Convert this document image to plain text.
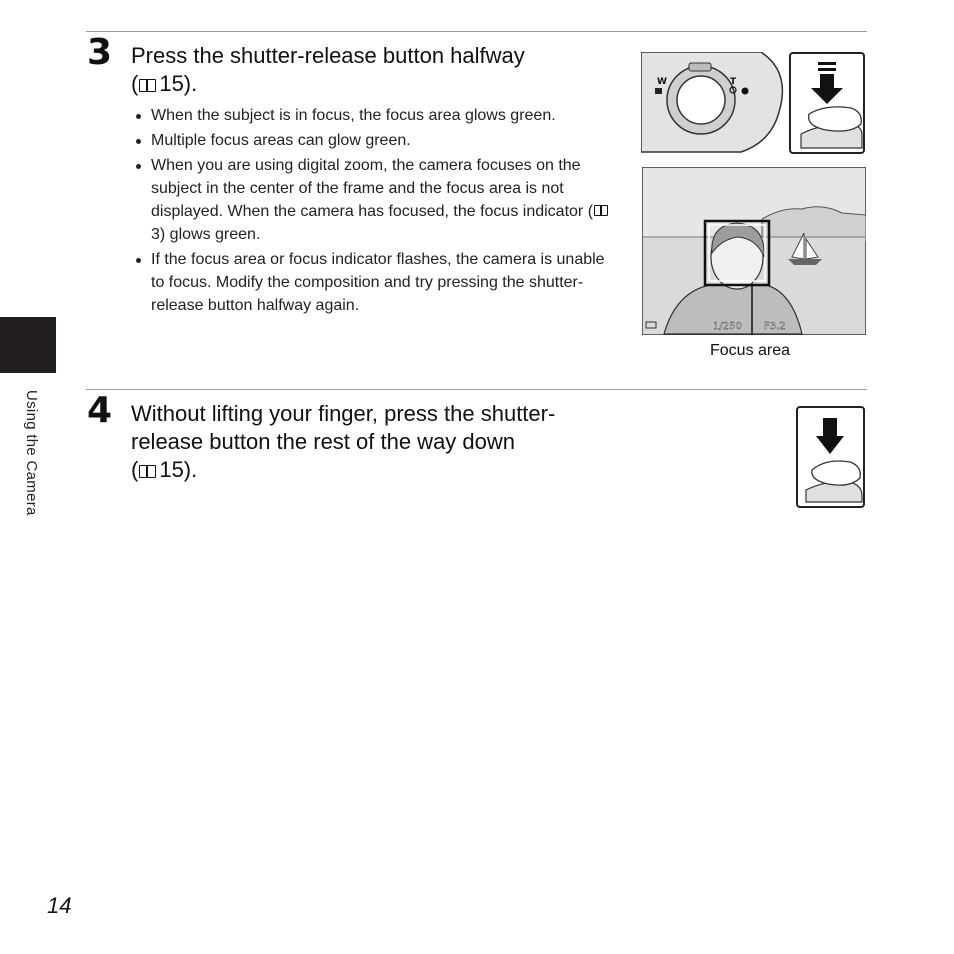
3 Press the shutter-release button halfway
( 15).
When the subject is in focus, the focus area glows green.
Multiple focus areas can glow green.
When you are using digital zoom, the camera focuses on the subject in the center of the frame and the focus area is not displayed. When the camera has focused, the focus indicator (3) glows green.
If the focus area or focus indicator flashes, the camera is unable to focus. Modify the composition and try pressing the shutter-release button halfway again.
W	T
1/250 F3.2
Focus area
4 Without lifting your finger, press the shutter-
release button the rest of the way down
( 15).
Using the Camera
14
